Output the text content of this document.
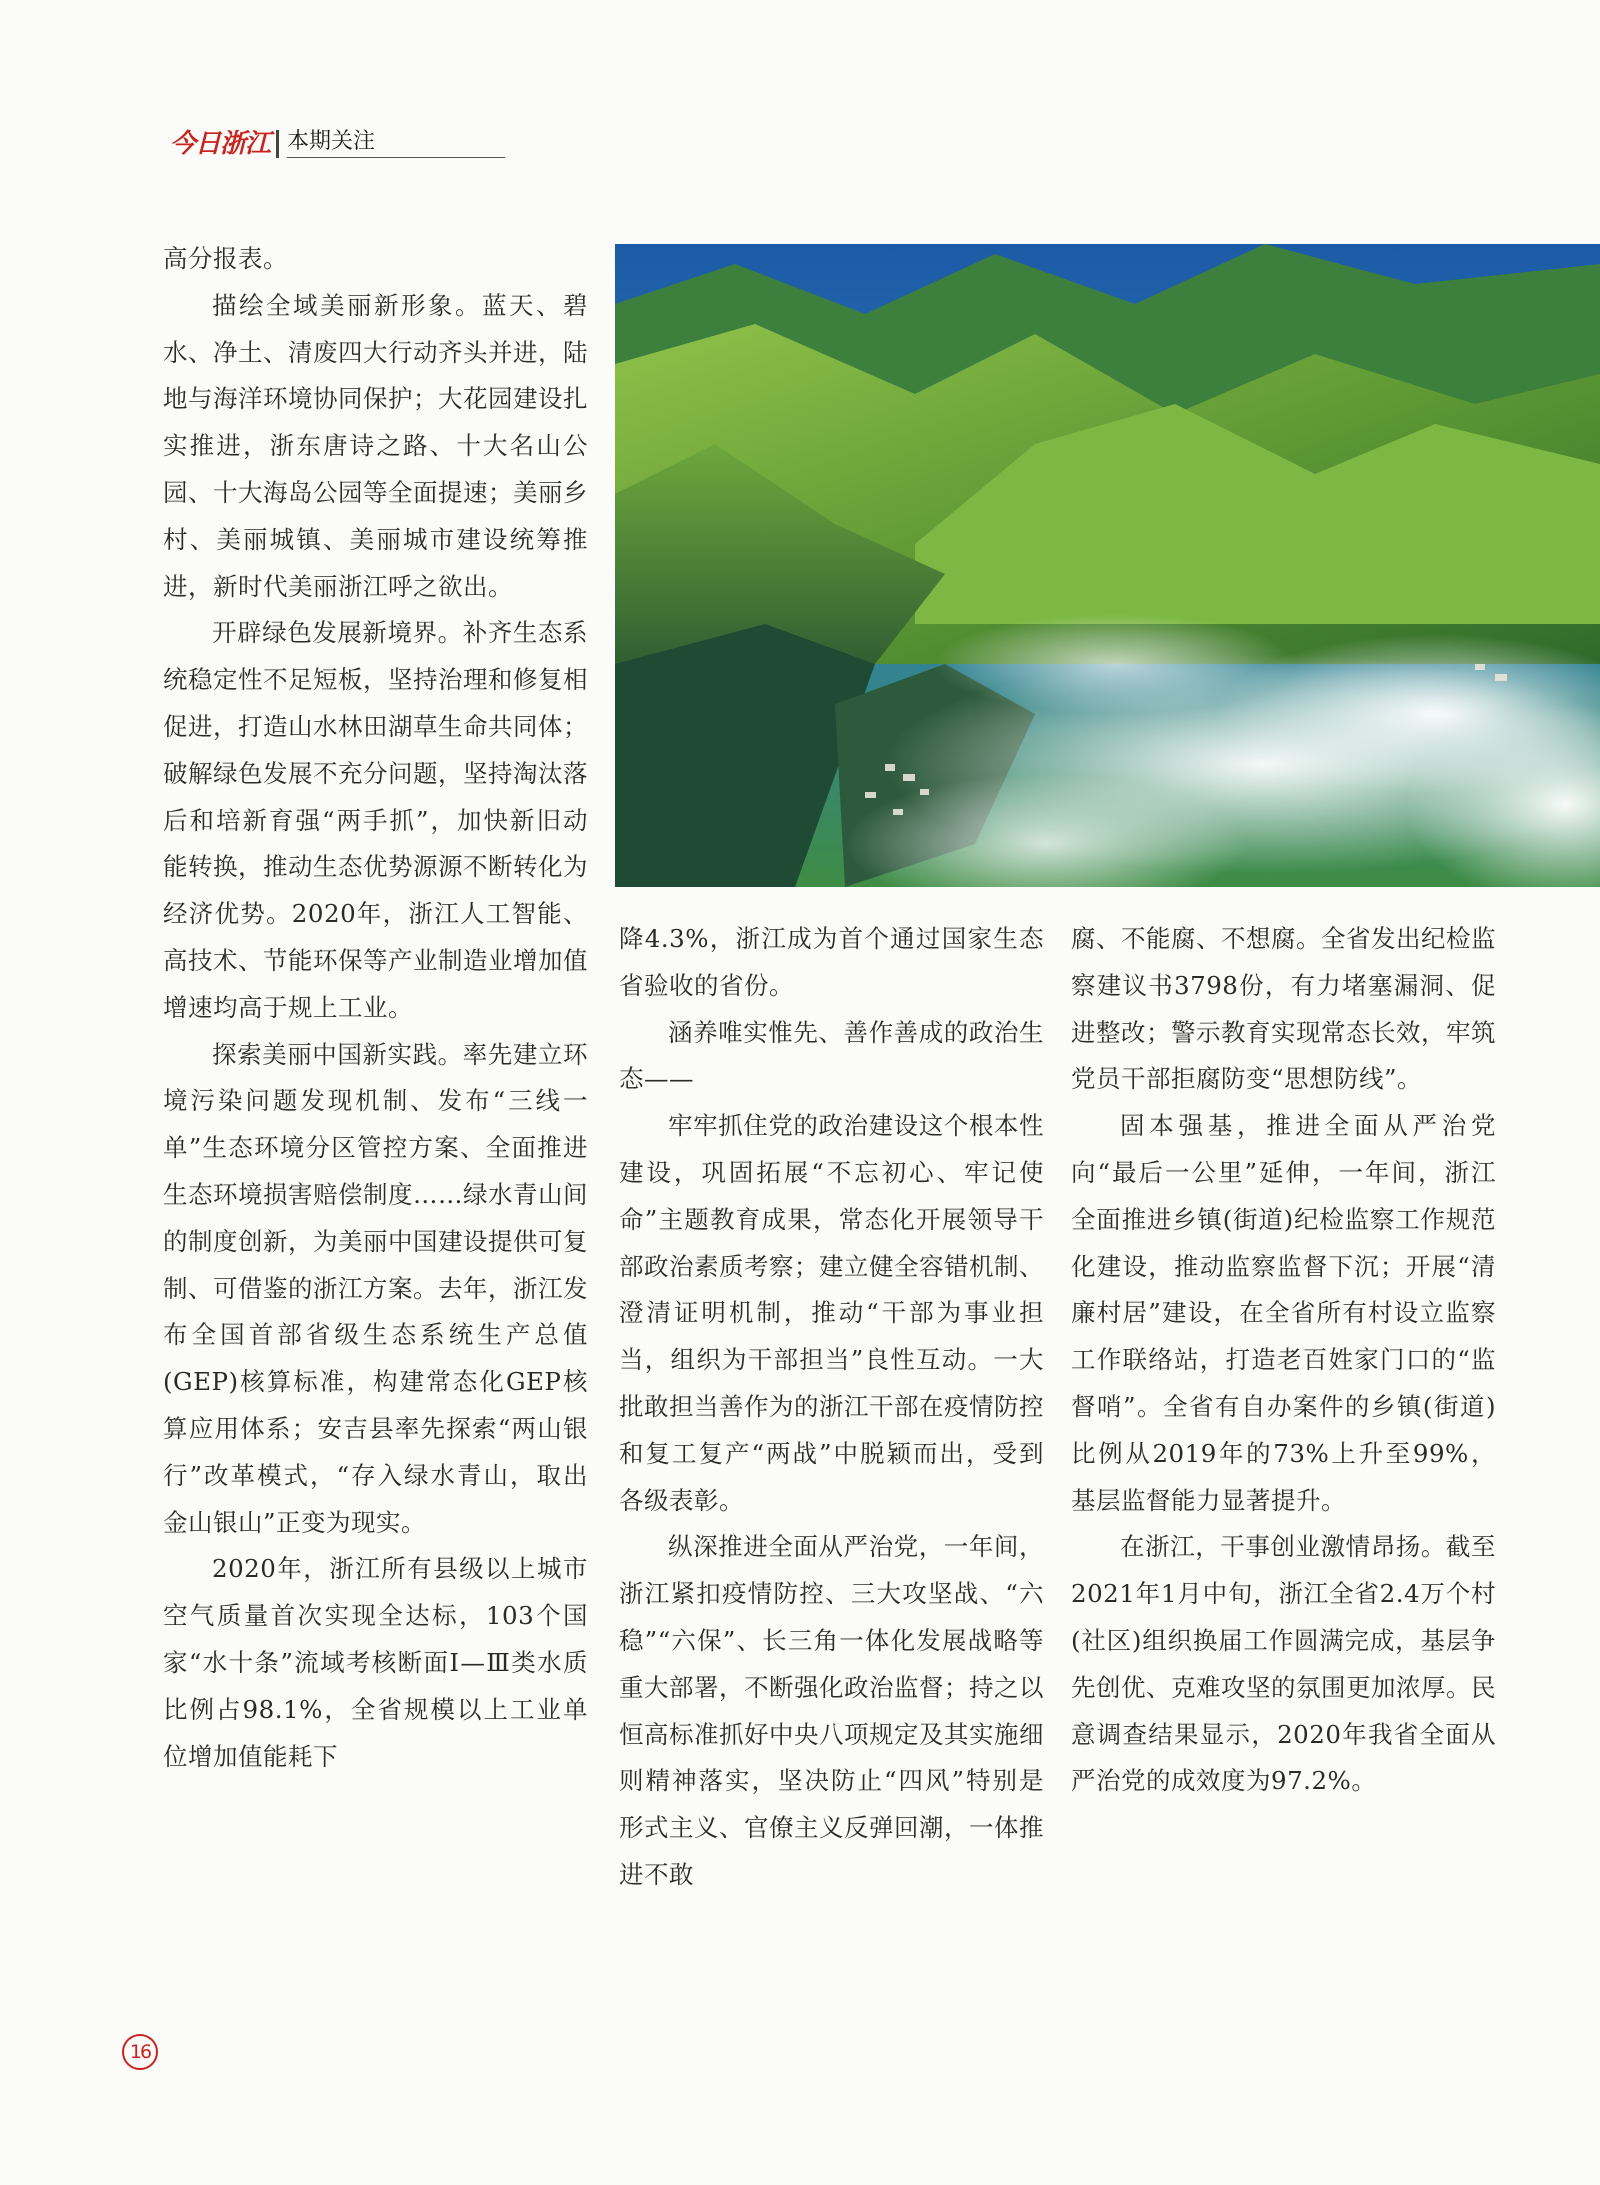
今日浙江 本期关注

高分报表。

描绘全域美丽新形象。蓝天、碧水、净土、清废四大行动齐头并进，陆地与海洋环境协同保护；大花园建设扎实推进，浙东唐诗之路、十大名山公园、十大海岛公园等全面提速；美丽乡村、美丽城镇、美丽城市建设统筹推进，新时代美丽浙江呼之欲出。

开辟绿色发展新境界。补齐生态系统稳定性不足短板，坚持治理和修复相促进，打造山水林田湖草生命共同体；破解绿色发展不充分问题，坚持淘汰落后和培新育强“两手抓”，加快新旧动能转换，推动生态优势源源不断转化为经济优势。2020年，浙江人工智能、高技术、节能环保等产业制造业增加值增速均高于规上工业。

探索美丽中国新实践。率先建立环境污染问题发现机制、发布“三线一单”生态环境分区管控方案、全面推进生态环境损害赔偿制度……绿水青山间的制度创新，为美丽中国建设提供可复制、可借鉴的浙江方案。去年，浙江发布全国首部省级生态系统生产总值(GEP)核算标准，构建常态化GEP核算应用体系；安吉县率先探索“两山银行”改革模式，“存入绿水青山，取出金山银山”正变为现实。

2020年，浙江所有县级以上城市空气质量首次实现全达标，103个国家“水十条”流域考核断面Ⅰ—Ⅲ类水质比例占98.1%，全省规模以上工业单位增加值能耗下

降4.3%，浙江成为首个通过国家生态省验收的省份。

涵养唯实惟先、善作善成的政治生态——

牢牢抓住党的政治建设这个根本性建设，巩固拓展“不忘初心、牢记使命”主题教育成果，常态化开展领导干部政治素质考察；建立健全容错机制、澄清证明机制，推动“干部为事业担当，组织为干部担当”良性互动。一大批敢担当善作为的浙江干部在疫情防控和复工复产“两战”中脱颖而出，受到各级表彰。

纵深推进全面从严治党，一年间，浙江紧扣疫情防控、三大攻坚战、“六稳”“六保”、长三角一体化发展战略等重大部署，不断强化政治监督；持之以恒高标准抓好中央八项规定及其实施细则精神落实，坚决防止“四风”特别是形式主义、官僚主义反弹回潮，一体推进不敢

腐、不能腐、不想腐。全省发出纪检监察建议书3798份，有力堵塞漏洞、促进整改；警示教育实现常态长效，牢筑党员干部拒腐防变“思想防线”。

固本强基，推进全面从严治党向“最后一公里”延伸，一年间，浙江全面推进乡镇(街道)纪检监察工作规范化建设，推动监察监督下沉；开展“清廉村居”建设，在全省所有村设立监察工作联络站，打造老百姓家门口的“监督哨”。全省有自办案件的乡镇(街道)比例从2019年的73%上升至99%，基层监督能力显著提升。

在浙江，干事创业激情昂扬。截至2021年1月中旬，浙江全省2.4万个村(社区)组织换届工作圆满完成，基层争先创优、克难攻坚的氛围更加浓厚。民意调查结果显示，2020年我省全面从严治党的成效度为97.2%。

16
